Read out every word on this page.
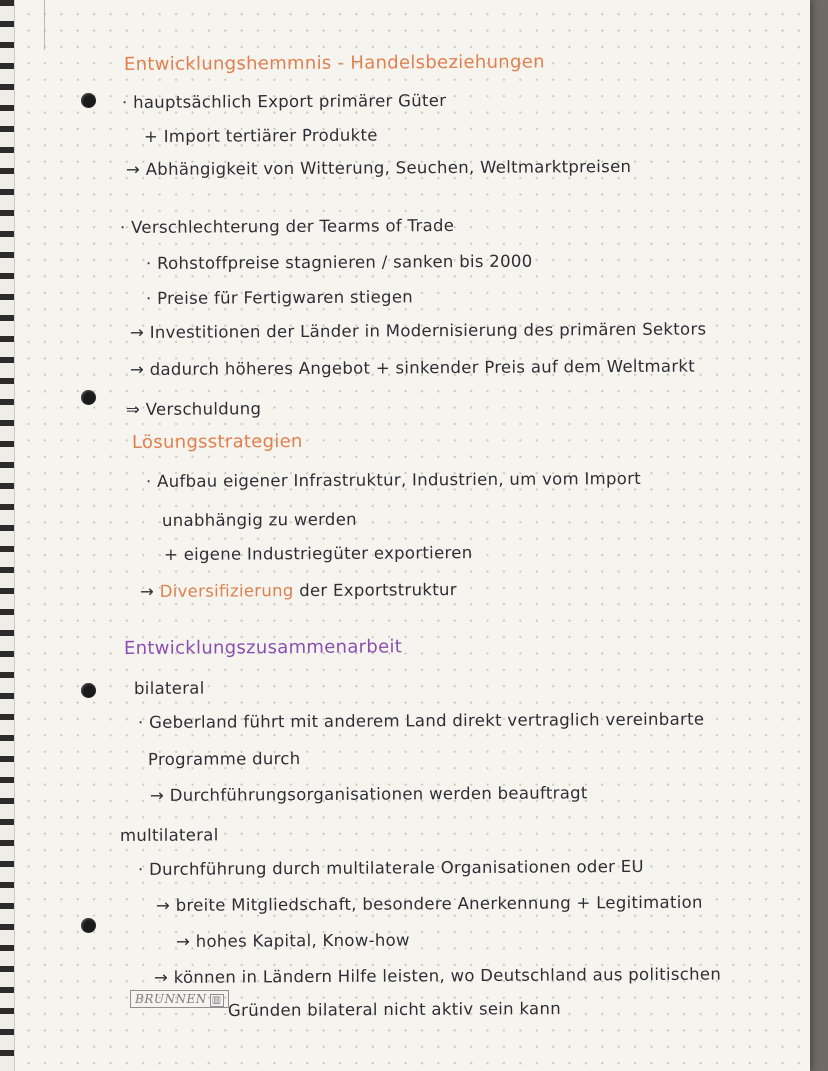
Entwicklungshemmnis - Handelsbeziehungen
· hauptsächlich Export primärer Güter
+ Import tertiärer Produkte
→ Abhängigkeit von Witterung, Seuchen, Weltmarktpreisen
· Verschlechterung der Tearms of Trade
· Rohstoffpreise stagnieren / sanken bis 2000
· Preise für Fertigwaren stiegen
→ Investitionen der Länder in Modernisierung des primären Sektors
→ dadurch höheres Angebot + sinkender Preis auf dem Weltmarkt
⇒ Verschuldung
Lösungsstrategien
· Aufbau eigener Infrastruktur, Industrien, um vom Import
unabhängig zu werden
+ eigene Industriegüter exportieren
→ Diversifizierung der Exportstruktur
Entwicklungszusammenarbeit
bilateral
· Geberland führt mit anderem Land direkt vertraglich vereinbarte
Programme durch
→ Durchführungsorganisationen werden beauftragt
multilateral
· Durchführung durch multilaterale Organisationen oder EU
→ breite Mitgliedschaft, besondere Anerkennung + Legitimation
→ hohes Kapital, Know-how
→ können in Ländern Hilfe leisten, wo Deutschland aus politischen
Gründen bilateral nicht aktiv sein kann
BRUNNEN ▥
